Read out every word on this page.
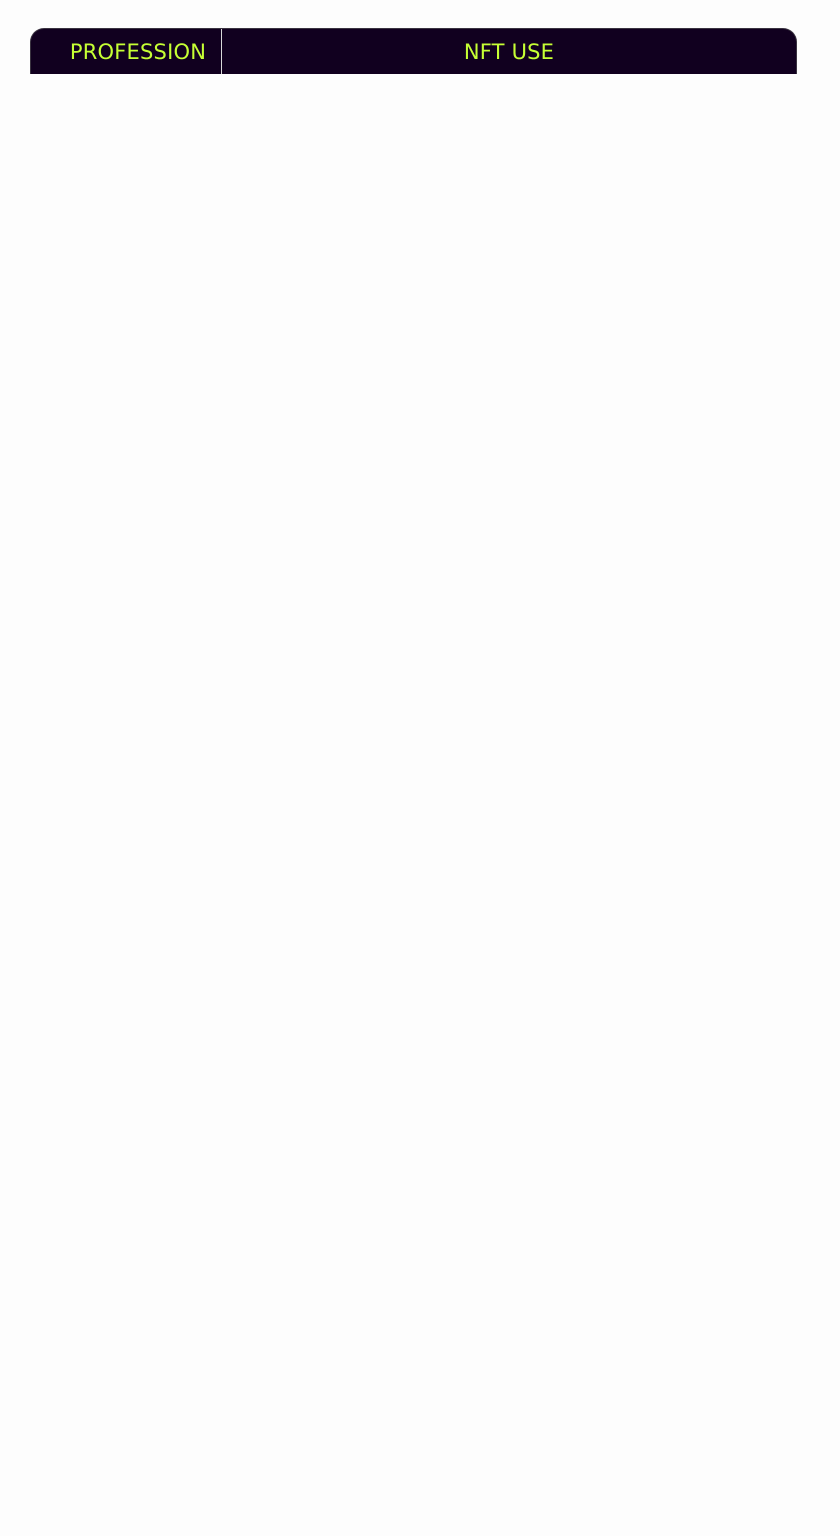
PROFESSION	NFT USE
